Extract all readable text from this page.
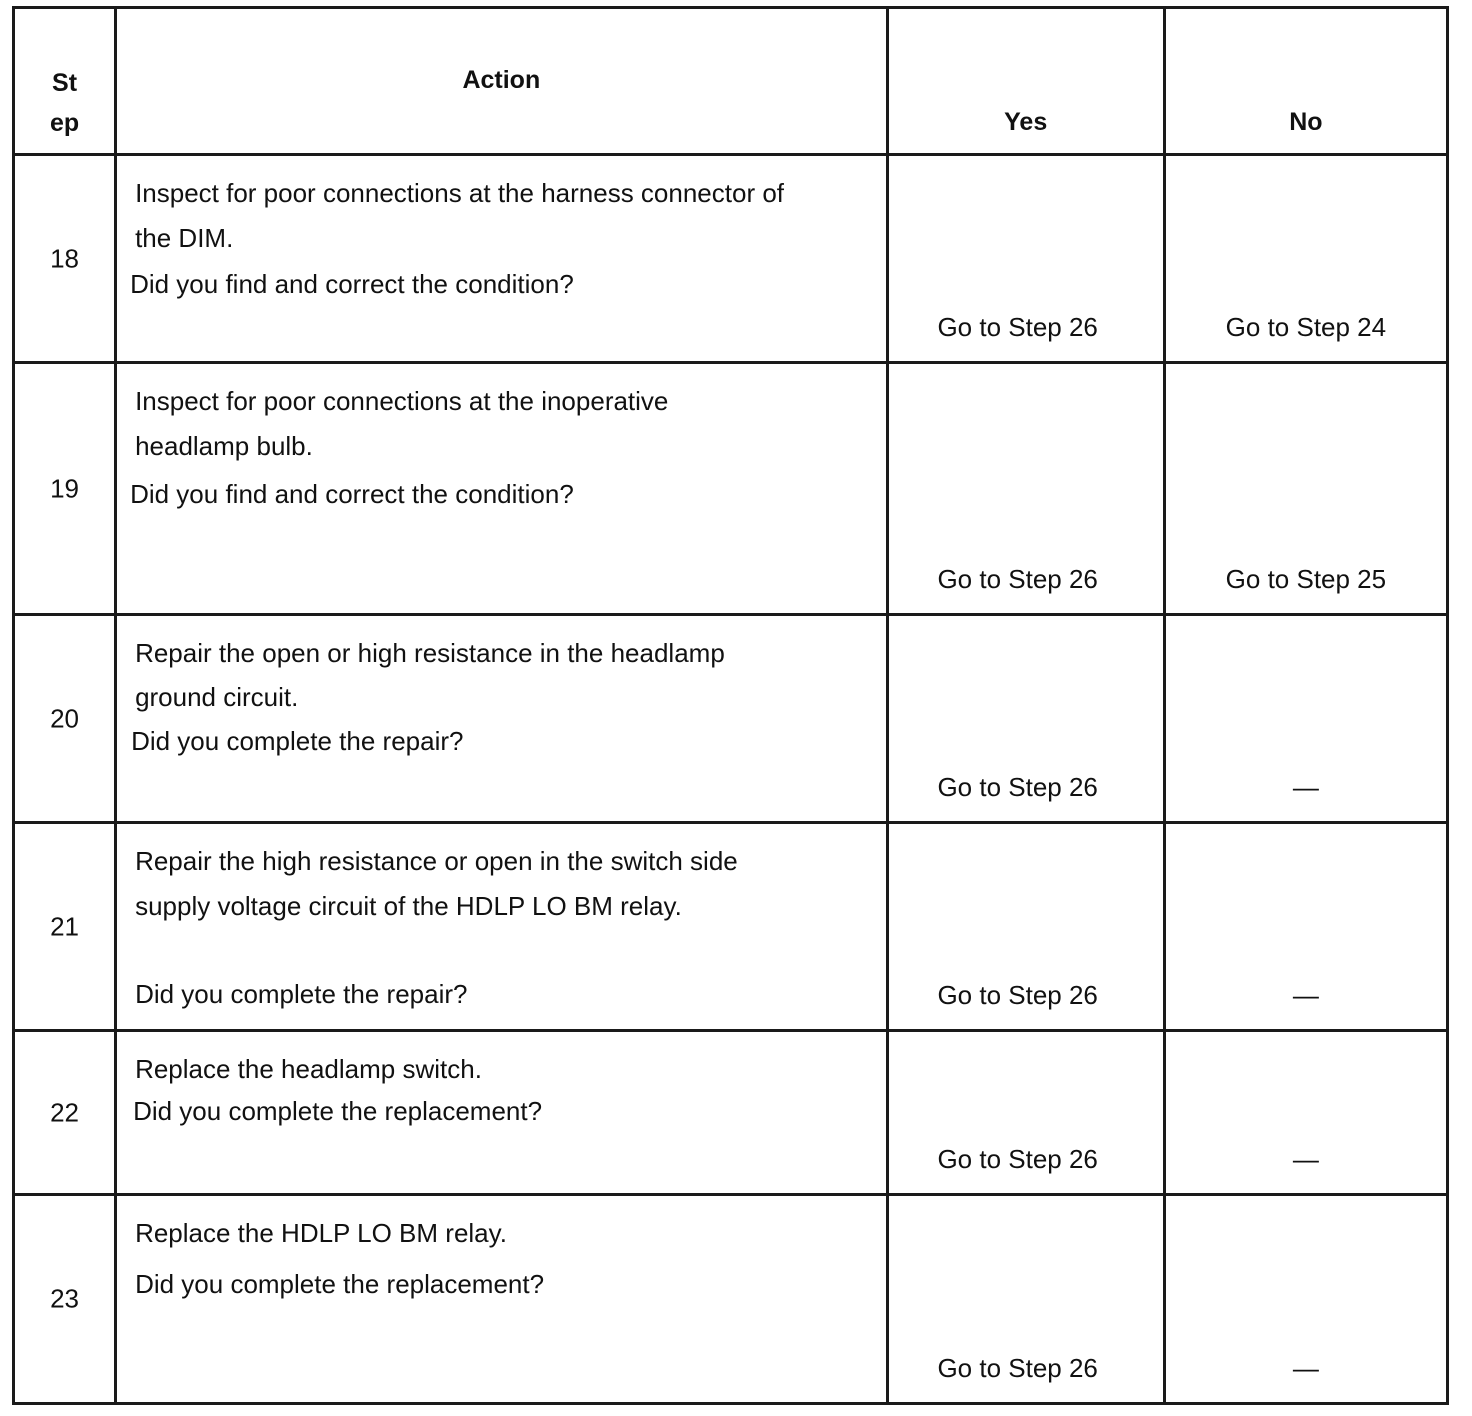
St
ep	Action	Yes	No

18	Inspect for poor connections at the harness connector of
the DIM.
Did you find and correct the condition?	Go to Step 26	Go to Step 24

19	Inspect for poor connections at the inoperative
headlamp bulb.
Did you find and correct the condition?	Go to Step 26	Go to Step 25

20	Repair the open or high resistance in the headlamp
ground circuit.
Did you complete the repair?	Go to Step 26	—

21	Repair the high resistance or open in the switch side
supply voltage circuit of the HDLP LO BM relay.
Did you complete the repair?	Go to Step 26	—

22	Replace the headlamp switch.
Did you complete the replacement?	Go to Step 26	—

23	Replace the HDLP LO BM relay.
Did you complete the replacement?	Go to Step 26	—
